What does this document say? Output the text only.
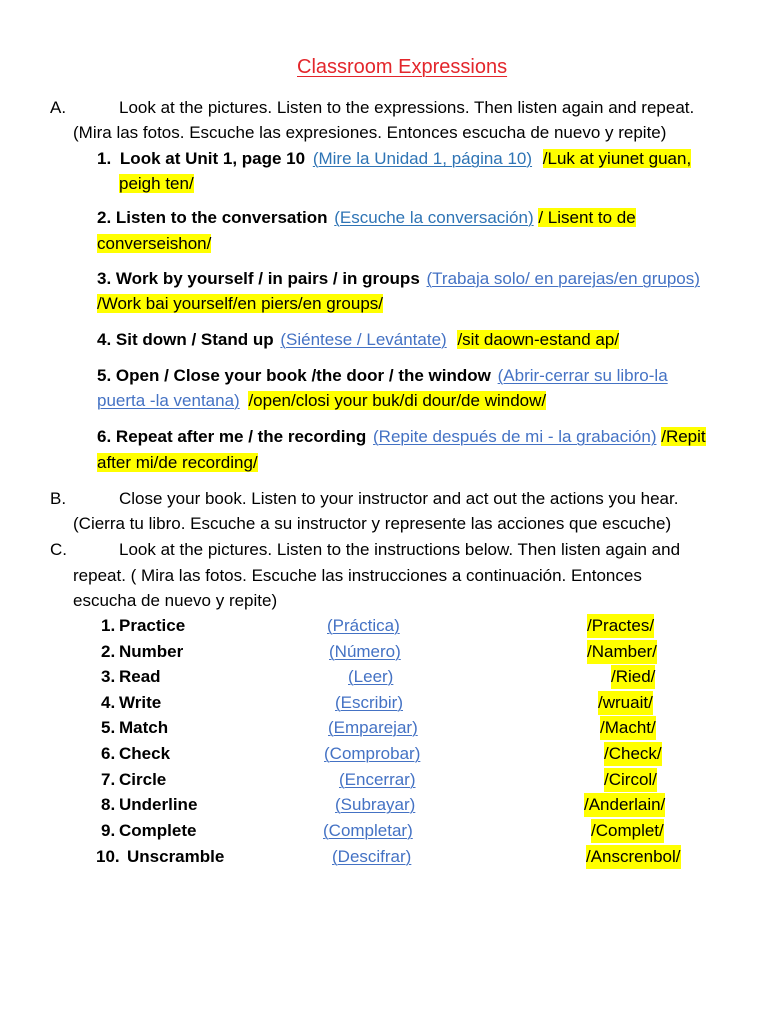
Classroom Expressions
A.	Look at the pictures. Listen to the expressions. Then listen again and repeat.
(Mira las fotos. Escuche las expresiones. Entonces escucha de nuevo y repite)
1. Look at Unit 1, page 10 (Mire la Unidad 1, página 10) /Luk at yiunet guan,
peigh ten/
2. Listen to the conversation (Escuche la conversación) / Lisent to de
converseishon/
3. Work by yourself / in pairs / in groups (Trabaja solo/ en parejas/en grupos)
/Work bai yourself/en piers/en groups/
4. Sit down / Stand up (Siéntese / Levántate) /sit daown-estand ap/
5. Open / Close your book /the door / the window (Abrir-cerrar su libro-la
puerta -la ventana) /open/closi your buk/di dour/de window/
6. Repeat after me / the recording (Repite después de mi - la grabación) /Repit
after mi/de recording/
B.	Close your book. Listen to your instructor and act out the actions you hear.
(Cierra tu libro. Escuche a su instructor y represente las acciones que escuche)
C.	Look at the pictures. Listen to the instructions below. Then listen again and
repeat. ( Mira las fotos. Escuche las instrucciones a continuación. Entonces
escucha de nuevo y repite)
1. Practice	(Práctica)	/Practes/
2. Number	(Número)	/Namber/
3. Read	(Leer)	/Ried/
4. Write	(Escribir)	/wruait/
5. Match	(Emparejar)	/Macht/
6. Check	(Comprobar)	/Check/
7. Circle	(Encerrar)	/Circol/
8. Underline	(Subrayar)	/Anderlain/
9. Complete	(Completar)	/Complet/
10. Unscramble	(Descifrar)	/Anscrenbol/
